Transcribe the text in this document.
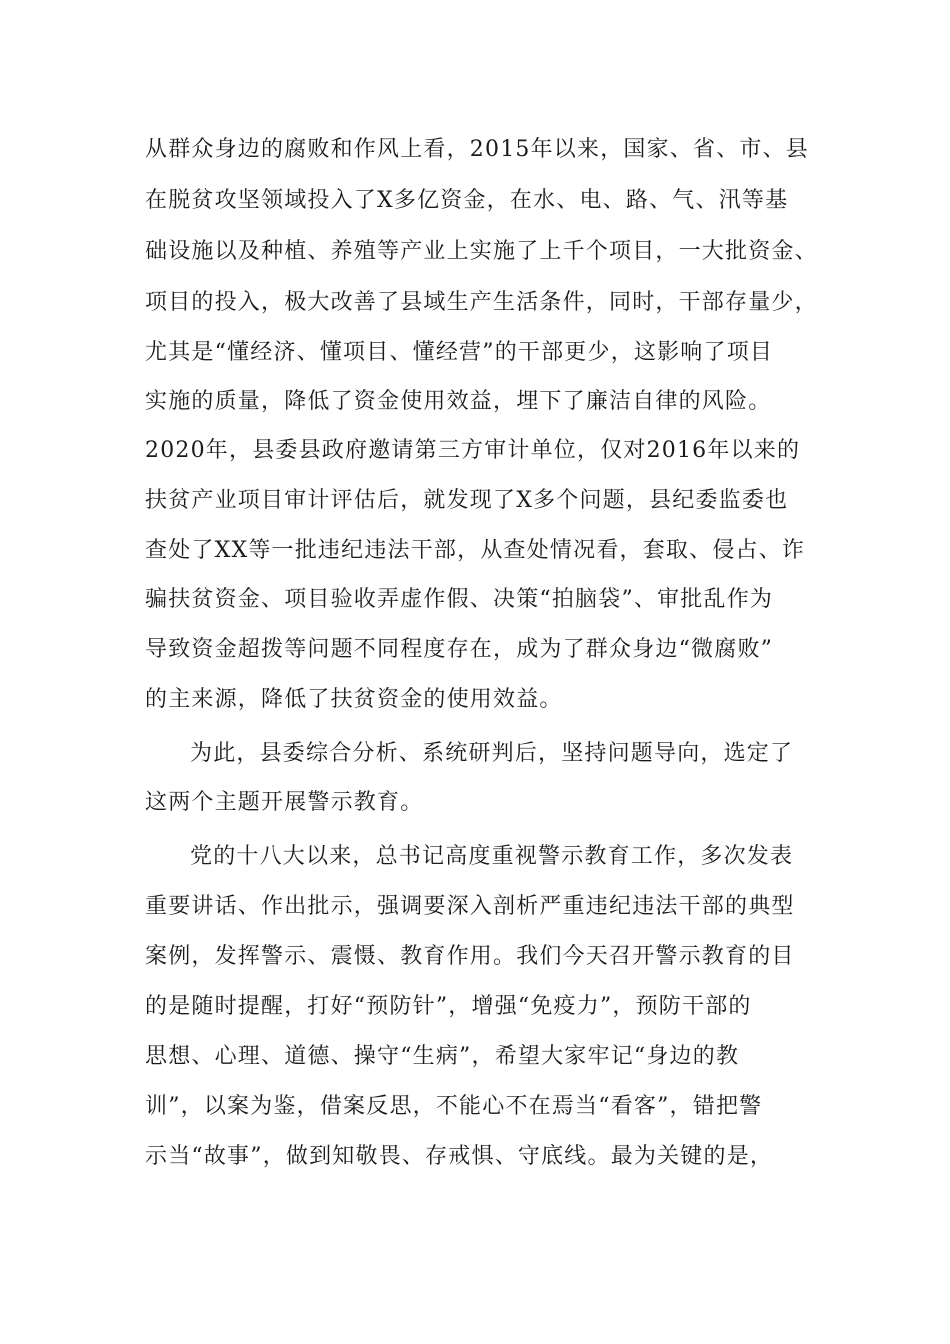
从群众身边的腐败和作风上看，2015年以来，国家、省、市、县
在脱贫攻坚领域投入了X多亿资金，在水、电、路、气、汛等基
础设施以及种植、养殖等产业上实施了上千个项目，一大批资金、
项目的投入，极大改善了县域生产生活条件，同时，干部存量少，
尤其是“懂经济、懂项目、懂经营”的干部更少，这影响了项目
实施的质量，降低了资金使用效益，埋下了廉洁自律的风险。
2020年，县委县政府邀请第三方审计单位，仅对2016年以来的
扶贫产业项目审计评估后，就发现了X多个问题，县纪委监委也
查处了XX等一批违纪违法干部，从查处情况看，套取、侵占、诈
骗扶贫资金、项目验收弄虚作假、决策“拍脑袋”、审批乱作为
导致资金超拨等问题不同程度存在，成为了群众身边“微腐败”
的主来源，降低了扶贫资金的使用效益。
为此，县委综合分析、系统研判后，坚持问题导向，选定了
这两个主题开展警示教育。
党的十八大以来，总书记高度重视警示教育工作，多次发表
重要讲话、作出批示，强调要深入剖析严重违纪违法干部的典型
案例，发挥警示、震慑、教育作用。我们今天召开警示教育的目
的是随时提醒，打好“预防针”，增强“免疫力”，预防干部的
思想、心理、道德、操守“生病”，希望大家牢记“身边的教
训”，以案为鉴，借案反思，不能心不在焉当“看客”，错把警
示当“故事”，做到知敬畏、存戒惧、守底线。最为关键的是，
